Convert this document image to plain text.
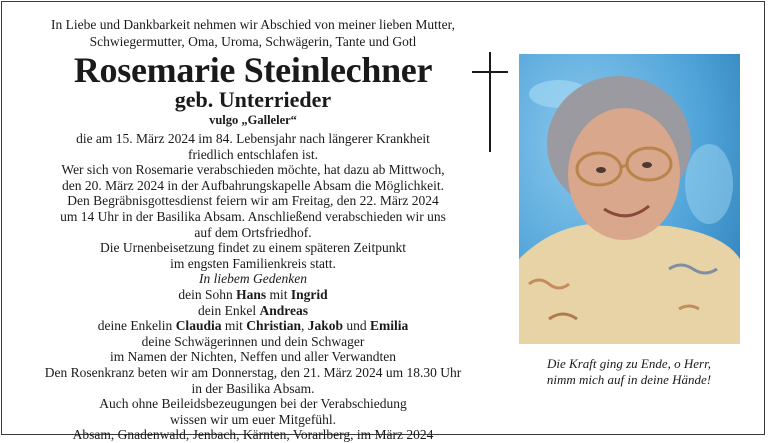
In Liebe und Dankbarkeit nehmen wir Abschied von meiner lieben Mutter,
Schwiegermutter, Oma, Uroma, Schwägerin, Tante und Gotl
Rosemarie Steinlechner
geb. Unterrieder
vulgo „Galleler“
die am 15. März 2024 im 84. Lebensjahr nach längerer Krankheit
friedlich entschlafen ist.
Wer sich von Rosemarie verabschieden möchte, hat dazu ab Mittwoch,
den 20. März 2024 in der Aufbahrungskapelle Absam die Möglichkeit.
Den Begräbnisgottesdienst feiern wir am Freitag, den 22. März 2024
um 14 Uhr in der Basilika Absam. Anschließend verabschieden wir uns
auf dem Ortsfriedhof.
Die Urnenbeisetzung findet zu einem späteren Zeitpunkt
im engsten Familienkreis statt.
In liebem Gedenken
dein Sohn Hans mit Ingrid
dein Enkel Andreas
deine Enkelin Claudia mit Christian, Jakob und Emilia
deine Schwägerinnen und dein Schwager
im Namen der Nichten, Neffen und aller Verwandten
Den Rosenkranz beten wir am Donnerstag, den 21. März 2024 um 18.30 Uhr
in der Basilika Absam.
Auch ohne Beileidsbezeugungen bei der Verabschiedung
wissen wir um euer Mitgefühl.
Absam, Gnadenwald, Jenbach, Kärnten, Vorarlberg, im März 2024
Die Kraft ging zu Ende, o Herr,
nimm mich auf in deine Hände!
